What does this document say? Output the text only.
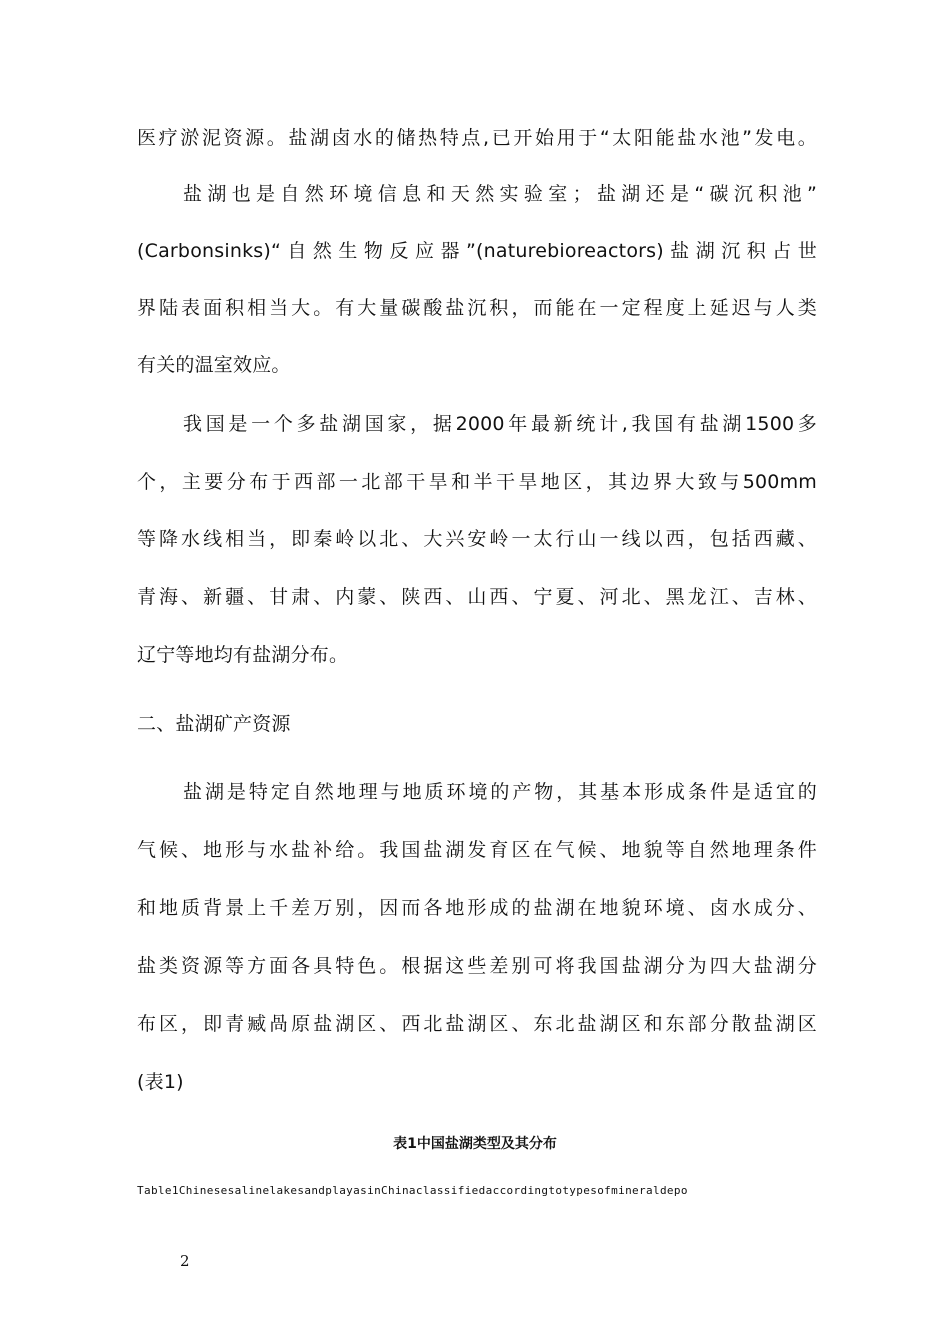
医疗淤泥资源。盐湖卤水的储热特点,已开始用于“太阳能盐水池”发电。
盐湖也是自然环境信息和天然实验室；盐湖还是“碳沉积池”
(Carbonsinks)“自然生物反应器”(naturebioreactors)盐湖沉积占世
界陆表面积相当大。有大量碳酸盐沉积，而能在一定程度上延迟与人类
有关的温室效应。
我国是一个多盐湖国家，据2000年最新统计,我国有盐湖1500多
个，主要分布于西部一北部干旱和半干旱地区，其边界大致与500mm
等降水线相当，即秦岭以北、大兴安岭一太行山一线以西，包括西藏、
青海、新疆、甘肃、内蒙、陕西、山西、宁夏、河北、黑龙江、吉林、
辽宁等地均有盐湖分布。
二、盐湖矿产资源
盐湖是特定自然地理与地质环境的产物，其基本形成条件是适宜的
气候、地形与水盐补给。我国盐湖发育区在气候、地貌等自然地理条件
和地质背景上千差万别，因而各地形成的盐湖在地貌环境、卤水成分、
盐类资源等方面各具特色。根据这些差别可将我国盐湖分为四大盐湖分
布区，即青臧咼原盐湖区、西北盐湖区、东北盐湖区和东部分散盐湖区
(表1)
表1中国盐湖类型及其分布
Table1ChinesesalinelakesandplayasinChinaclassifiedaccordingtotypesofmineraldepo
2
